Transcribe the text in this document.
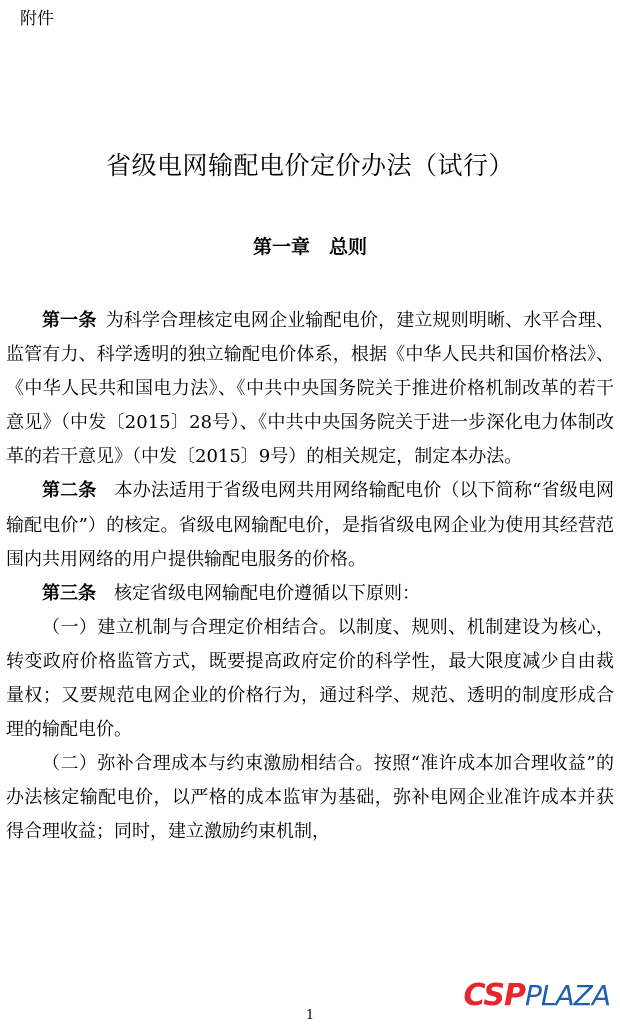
附件
省级电网输配电价定价办法（试行）
第一章　总则

第一条  为科学合理核定电网企业输配电价，建立规则明晰、水平合理、监管有力、科学透明的独立输配电价体系，根据《中华人民共和国价格法》、《中华人民共和国电力法》、《中共中央国务院关于推进价格机制改革的若干意见》（中发〔2015〕28号）、《中共中央国务院关于进一步深化电力体制改革的若干意见》（中发〔2015〕9号）的相关规定，制定本办法。

第二条  本办法适用于省级电网共用网络输配电价（以下简称“省级电网输配电价”）的核定。省级电网输配电价，是指省级电网企业为使用其经营范围内共用网络的用户提供输配电服务的价格。

第三条  核定省级电网输配电价遵循以下原则：

（一）建立机制与合理定价相结合。以制度、规则、机制建设为核心，转变政府价格监管方式，既要提高政府定价的科学性，最大限度减少自由裁量权；又要规范电网企业的价格行为，通过科学、规范、透明的制度形成合理的输配电价。

（二）弥补合理成本与约束激励相结合。按照“准许成本加合理收益”的办法核定输配电价，以严格的成本监审为基础，弥补电网企业准许成本并获得合理收益；同时，建立激励约束机制，

CSPPLAZA
1
